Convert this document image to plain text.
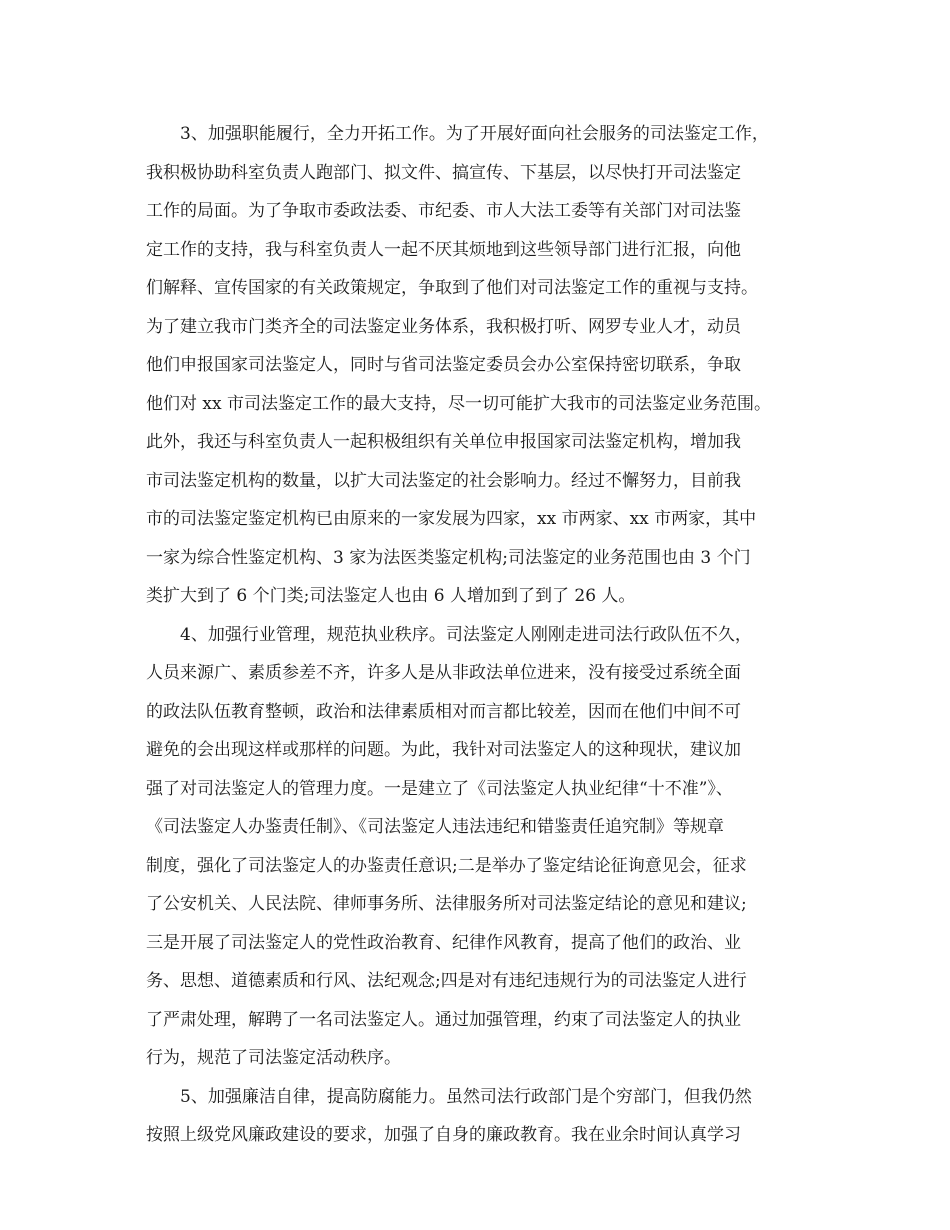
3、加强职能履行，全力开拓工作。为了开展好面向社会服务的司法鉴定工作，
我积极协助科室负责人跑部门、拟文件、搞宣传、下基层，以尽快打开司法鉴定
工作的局面。为了争取市委政法委、市纪委、市人大法工委等有关部门对司法鉴
定工作的支持，我与科室负责人一起不厌其烦地到这些领导部门进行汇报，向他
们解释、宣传国家的有关政策规定，争取到了他们对司法鉴定工作的重视与支持。
为了建立我市门类齐全的司法鉴定业务体系，我积极打听、网罗专业人才，动员
他们申报国家司法鉴定人，同时与省司法鉴定委员会办公室保持密切联系，争取
他们对 xx 市司法鉴定工作的最大支持，尽一切可能扩大我市的司法鉴定业务范围。
此外，我还与科室负责人一起积极组织有关单位申报国家司法鉴定机构，增加我
市司法鉴定机构的数量，以扩大司法鉴定的社会影响力。经过不懈努力，目前我
市的司法鉴定鉴定机构已由原来的一家发展为四家，xx 市两家、xx 市两家，其中
一家为综合性鉴定机构、3 家为法医类鉴定机构;司法鉴定的业务范围也由 3 个门
类扩大到了 6 个门类;司法鉴定人也由 6 人增加到了到了 26 人。
4、加强行业管理，规范执业秩序。司法鉴定人刚刚走进司法行政队伍不久，
人员来源广、素质参差不齐，许多人是从非政法单位进来，没有接受过系统全面
的政法队伍教育整顿，政治和法律素质相对而言都比较差，因而在他们中间不可
避免的会出现这样或那样的问题。为此，我针对司法鉴定人的这种现状，建议加
强了对司法鉴定人的管理力度。一是建立了《司法鉴定人执业纪律“十不准”》、
《司法鉴定人办鉴责任制》、《司法鉴定人违法违纪和错鉴责任追究制》等规章
制度，强化了司法鉴定人的办鉴责任意识;二是举办了鉴定结论征询意见会，征求
了公安机关、人民法院、律师事务所、法律服务所对司法鉴定结论的意见和建议;
三是开展了司法鉴定人的党性政治教育、纪律作风教育，提高了他们的政治、业
务、思想、道德素质和行风、法纪观念;四是对有违纪违规行为的司法鉴定人进行
了严肃处理，解聘了一名司法鉴定人。通过加强管理，约束了司法鉴定人的执业
行为，规范了司法鉴定活动秩序。
5、加强廉洁自律，提高防腐能力。虽然司法行政部门是个穷部门，但我仍然
按照上级党风廉政建设的要求，加强了自身的廉政教育。我在业余时间认真学习
